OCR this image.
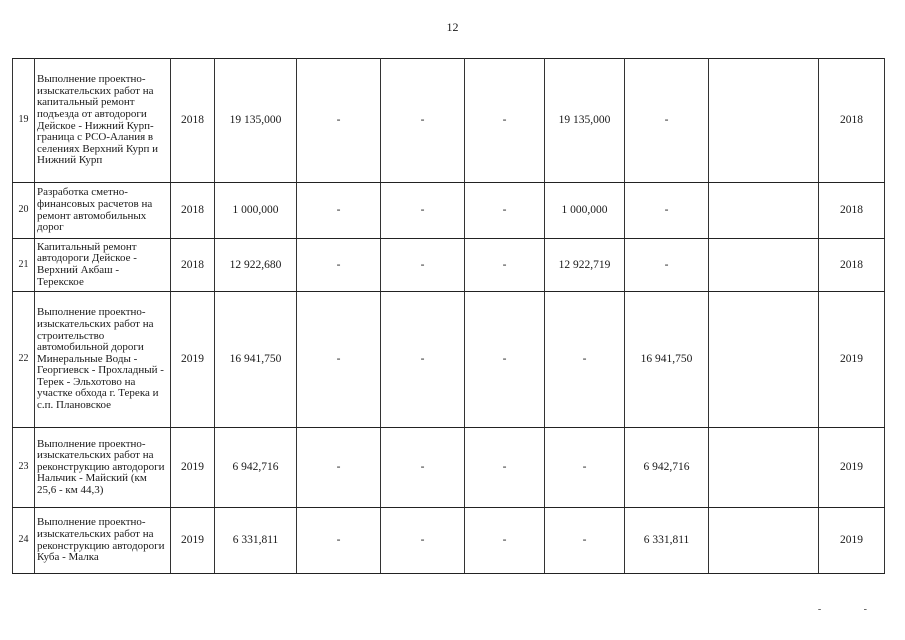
12
19	Выполнение проектно-изыскательских работ на капитальный ремонт подъезда от автодороги Дейское - Нижний Курп-граница с РСО-Алания в селениях Верхний Курп и Нижний Курп	2018	19 135,000	-	-	-	19 135,000	-		2018
20	Разработка сметно-финансовых расчетов на ремонт автомобильных дорог	2018	1 000,000	-	-	-	1 000,000	-		2018
21	Капитальный ремонт автодороги Дейское - Верхний Акбаш - Терекское	2018	12 922,680	-	-	-	12 922,719	-		2018
22	Выполнение проектно-изыскательских работ на строительство автомобильной дороги Минеральные Воды - Георгиевск - Прохладный - Терек - Эльхотово на участке обхода г. Терека и с.п. Плановское	2019	16 941,750	-	-	-	-	16 941,750		2019
23	Выполнение проектно-изыскательских работ на реконструкцию автодороги Нальчик - Майский (км 25,6 - км 44,3)	2019	6 942,716	-	-	-	-	6 942,716		2019
24	Выполнение проектно-изыскательских работ на реконструкцию автодороги Куба - Малка	2019	6 331,811	-	-	-	-	6 331,811		2019
- -
